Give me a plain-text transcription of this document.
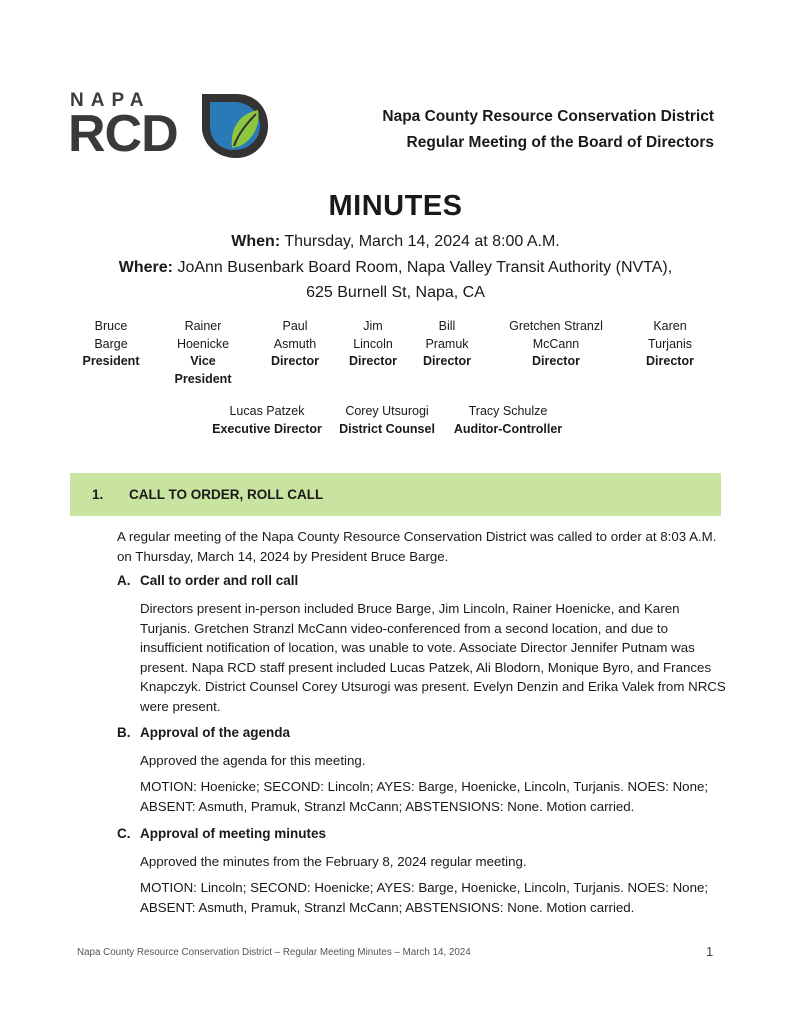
NAPA
RCD	Napa County Resource Conservation District
Regular Meeting of the Board of Directors
MINUTES
When: Thursday, March 14, 2024 at 8:00 A.M.
Where: JoAnn Busenbark Board Room, Napa Valley Transit Authority (NVTA),
625 Burnell St, Napa, CA
Bruce
Barge
President
Rainer
Hoenicke
Vice
President
Paul
Asmuth
Director
Jim
Lincoln
Director
Bill
Pramuk
Director
Gretchen Stranzl
McCann
Director
Karen
Turjanis
Director
Lucas Patzek
Executive Director
Corey Utsurogi
District Counsel
Tracy Schulze
Auditor-Controller
1. CALL TO ORDER, ROLL CALL
A regular meeting of the Napa County Resource Conservation District was called to order at 8:03 A.M. on Thursday, March 14, 2024 by President Bruce Barge.
A. Call to order and roll call
Directors present in-person included Bruce Barge, Jim Lincoln, Rainer Hoenicke, and Karen Turjanis. Gretchen Stranzl McCann video-conferenced from a second location, and due to insufficient notification of location, was unable to vote. Associate Director Jennifer Putnam was present. Napa RCD staff present included Lucas Patzek, Ali Blodorn, Monique Byro, and Frances Knapczyk. District Counsel Corey Utsurogi was present. Evelyn Denzin and Erika Valek from NRCS were present.
B. Approval of the agenda
Approved the agenda for this meeting.
MOTION: Hoenicke; SECOND: Lincoln; AYES: Barge, Hoenicke, Lincoln, Turjanis. NOES: None; ABSENT: Asmuth, Pramuk, Stranzl McCann; ABSTENSIONS: None. Motion carried.
C. Approval of meeting minutes
Approved the minutes from the February 8, 2024 regular meeting.
MOTION: Lincoln; SECOND: Hoenicke; AYES: Barge, Hoenicke, Lincoln, Turjanis. NOES: None; ABSENT: Asmuth, Pramuk, Stranzl McCann; ABSTENSIONS: None. Motion carried.
Napa County Resource Conservation District – Regular Meeting Minutes – March 14, 2024	1
